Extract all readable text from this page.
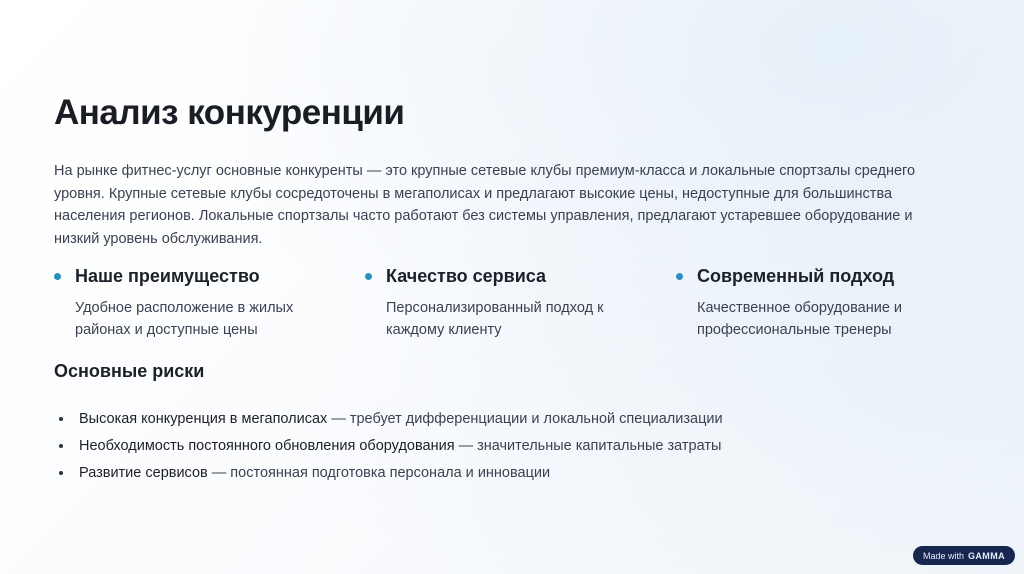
Анализ конкуренции

На рынке фитнес-услуг основные конкуренты — это крупные сетевые клубы премиум-класса и локальные спортзалы среднего уровня. Крупные сетевые клубы сосредоточены в мегаполисах и предлагают высокие цены, недоступные для большинства населения регионов. Локальные спортзалы часто работают без системы управления, предлагают устаревшее оборудование и низкий уровень обслуживания.

Наше преимущество
Удобное расположение в жилых районах и доступные цены
Качество сервиса
Персонализированный подход к каждому клиенту
Современный подход
Качественное оборудование и профессиональные тренеры
Основные риски
Высокая конкуренция в мегаполисах — требует дифференциации и локальной специализации
Необходимость постоянного обновления оборудования — значительные капитальные затраты
Развитие сервисов — постоянная подготовка персонала и инновации
Made with GAMMA
